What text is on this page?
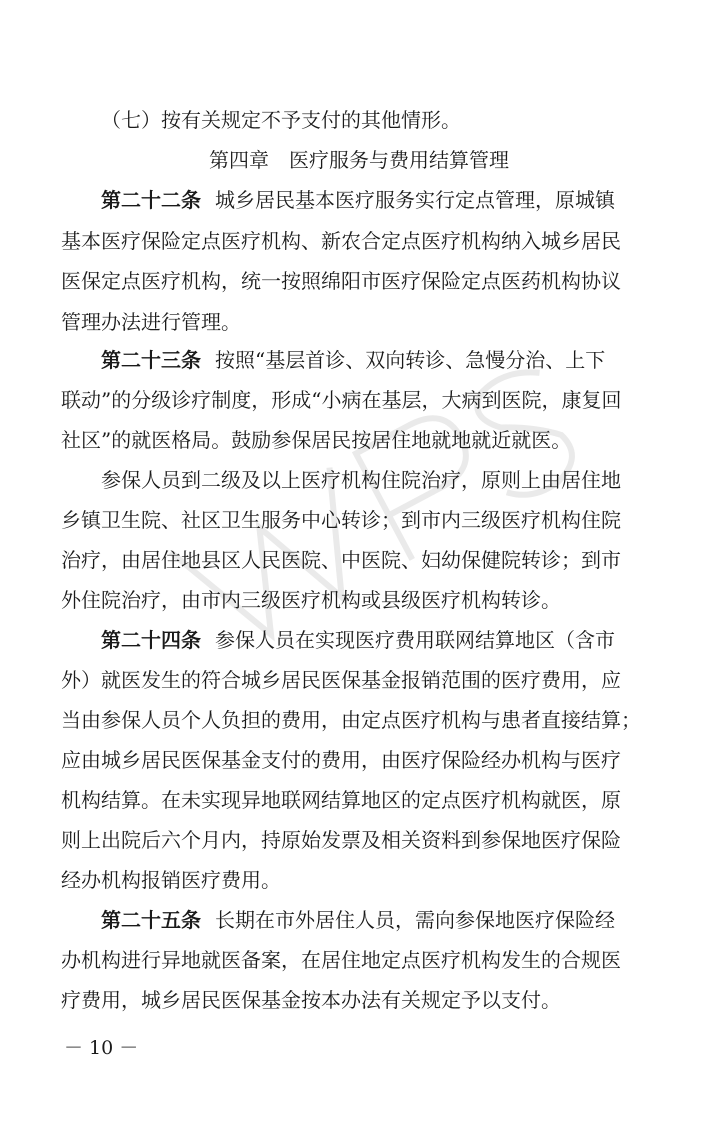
（七）按有关规定不予支付的其他情形。
第四章　医疗服务与费用结算管理
第二十二条 城乡居民基本医疗服务实行定点管理，原城镇
基本医疗保险定点医疗机构、新农合定点医疗机构纳入城乡居民
医保定点医疗机构，统一按照绵阳市医疗保险定点医药机构协议
管理办法进行管理。
第二十三条 按照“基层首诊、双向转诊、急慢分治、上下
联动”的分级诊疗制度，形成“小病在基层，大病到医院，康复回
社区”的就医格局。鼓励参保居民按居住地就地就近就医。
参保人员到二级及以上医疗机构住院治疗，原则上由居住地
乡镇卫生院、社区卫生服务中心转诊；到市内三级医疗机构住院
治疗，由居住地县区人民医院、中医院、妇幼保健院转诊；到市
外住院治疗，由市内三级医疗机构或县级医疗机构转诊。
第二十四条 参保人员在实现医疗费用联网结算地区（含市
外）就医发生的符合城乡居民医保基金报销范围的医疗费用，应
当由参保人员个人负担的费用，由定点医疗机构与患者直接结算；
应由城乡居民医保基金支付的费用，由医疗保险经办机构与医疗
机构结算。在未实现异地联网结算地区的定点医疗机构就医，原
则上出院后六个月内，持原始发票及相关资料到参保地医疗保险
经办机构报销医疗费用。
第二十五条 长期在市外居住人员，需向参保地医疗保险经
办机构进行异地就医备案，在居住地定点医疗机构发生的合规医
疗费用，城乡居民医保基金按本办法有关规定予以支付。
－ 10 －
